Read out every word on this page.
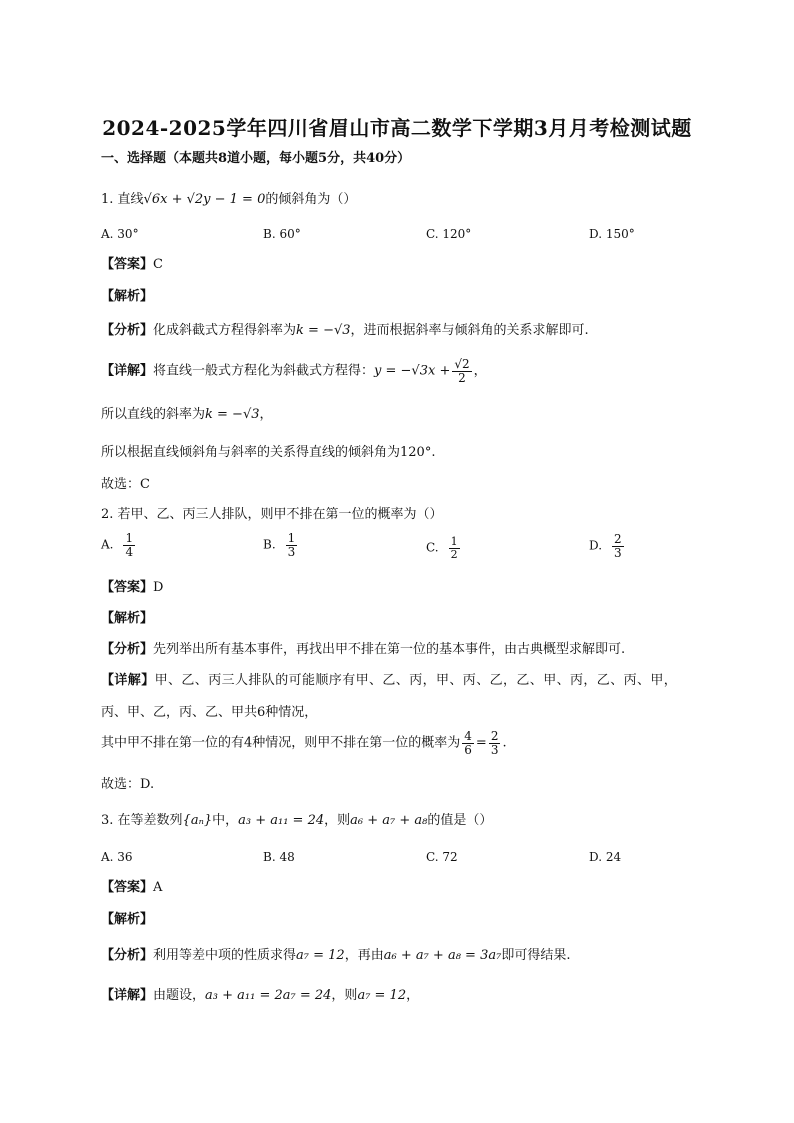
2024-2025学年四川省眉山市高二数学下学期3月月考检测试题
一、选择题（本题共8道小题，每小题5分，共40分）
1. 直线√6x + √2y − 1 = 0的倾斜角为（）
A. 30°	B. 60°	C. 120°	D. 150°
【答案】C
【解析】
【分析】化成斜截式方程得斜率为k = −√3，进而根据斜率与倾斜角的关系求解即可.
【详解】将直线一般式方程化为斜截式方程得：$y = -√3x + \frac{√2}{2}$ ，
所以直线的斜率为k = −√3，
所以根据直线倾斜角与斜率的关系得直线的倾斜角为120°.
故选：C
2. 若甲、乙、丙三人排队，则甲不排在第一位的概率为（）
A. $\frac{1}{4}$	B. $\frac{1}{3}$	C. $\frac{1}{2}$	D. $\frac{2}{3}$
【答案】D
【解析】
【分析】先列举出所有基本事件，再找出甲不排在第一位的基本事件，由古典概型求解即可.
【详解】甲、乙、丙三人排队的可能顺序有甲、乙、丙，甲、丙、乙，乙、甲、丙，乙、丙、甲，
丙、甲、乙，丙、乙、甲共6种情况，
其中甲不排在第一位的有4种情况，则甲不排在第一位的概率为 $\frac{4}{6} = \frac{2}{3}$ .
故选：D.
3. 在等差数列{aₙ}中，a₃ + a₁₁ = 24，则a₆ + a₇ + a₈的值是（）
A. 36	B. 48	C. 72	D. 24
【答案】A
【解析】
【分析】利用等差中项的性质求得a₇ = 12，再由a₆ + a₇ + a₈ = 3a₇即可得结果.
【详解】由题设，a₃ + a₁₁ = 2a₇ = 24，则a₇ = 12，
